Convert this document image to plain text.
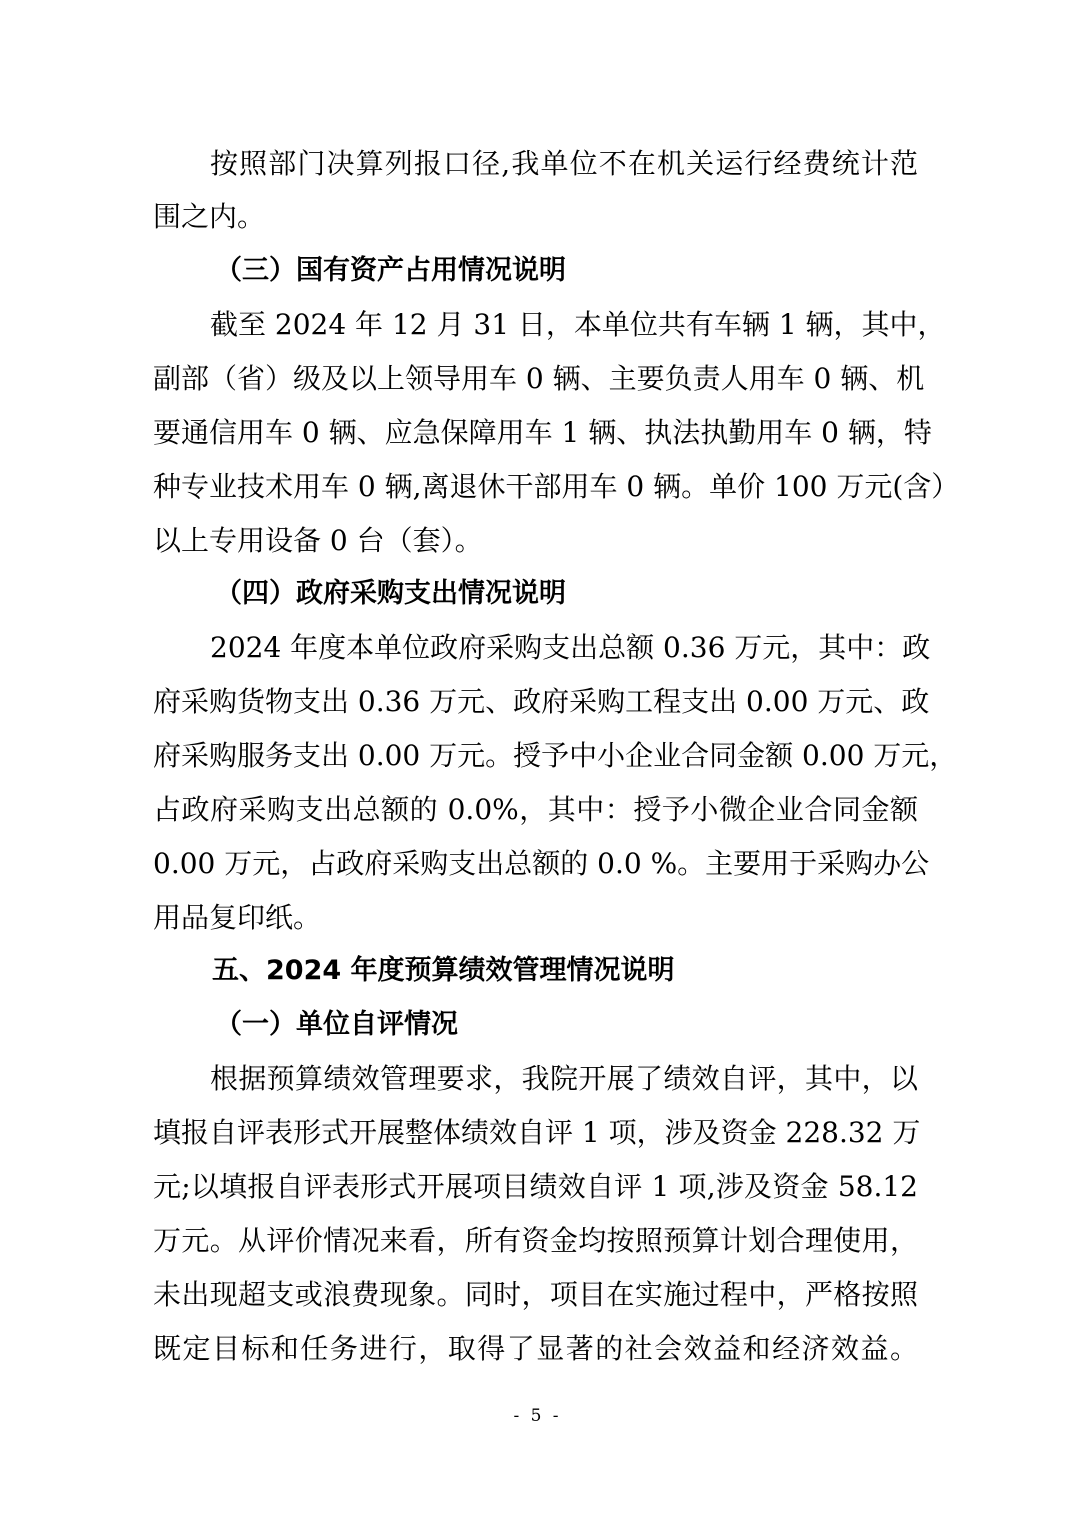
按照部门决算列报口径,我单位不在机关运行经费统计范

围之内。

（三）国有资产占用情况说明

截至 2024 年 12 月 31 日，本单位共有车辆 1 辆，其中，

副部（省）级及以上领导用车 0 辆、主要负责人用车 0 辆、机

要通信用车 0 辆、应急保障用车 1 辆、执法执勤用车 0 辆，特

种专业技术用车 0 辆,离退休干部用车 0 辆。单价 100 万元(含）

以上专用设备 0 台（套）。

（四）政府采购支出情况说明

2024 年度本单位政府采购支出总额 0.36 万元，其中：政

府采购货物支出 0.36 万元、政府采购工程支出 0.00 万元、政

府采购服务支出 0.00 万元。授予中小企业合同金额 0.00 万元，

占政府采购支出总额的 0.0%，其中：授予小微企业合同金额

0.00 万元，占政府采购支出总额的 0.0 %。主要用于采购办公

用品复印纸。

五、2024 年度预算绩效管理情况说明

（一）单位自评情况

根据预算绩效管理要求，我院开展了绩效自评，其中，以

填报自评表形式开展整体绩效自评 1 项，涉及资金 228.32 万

元;以填报自评表形式开展项目绩效自评 1 项,涉及资金 58.12

万元。从评价情况来看，所有资金均按照预算计划合理使用，

未出现超支或浪费现象。同时，项目在实施过程中，严格按照

既定目标和任务进行，取得了显著的社会效益和经济效益。

- 5 -
